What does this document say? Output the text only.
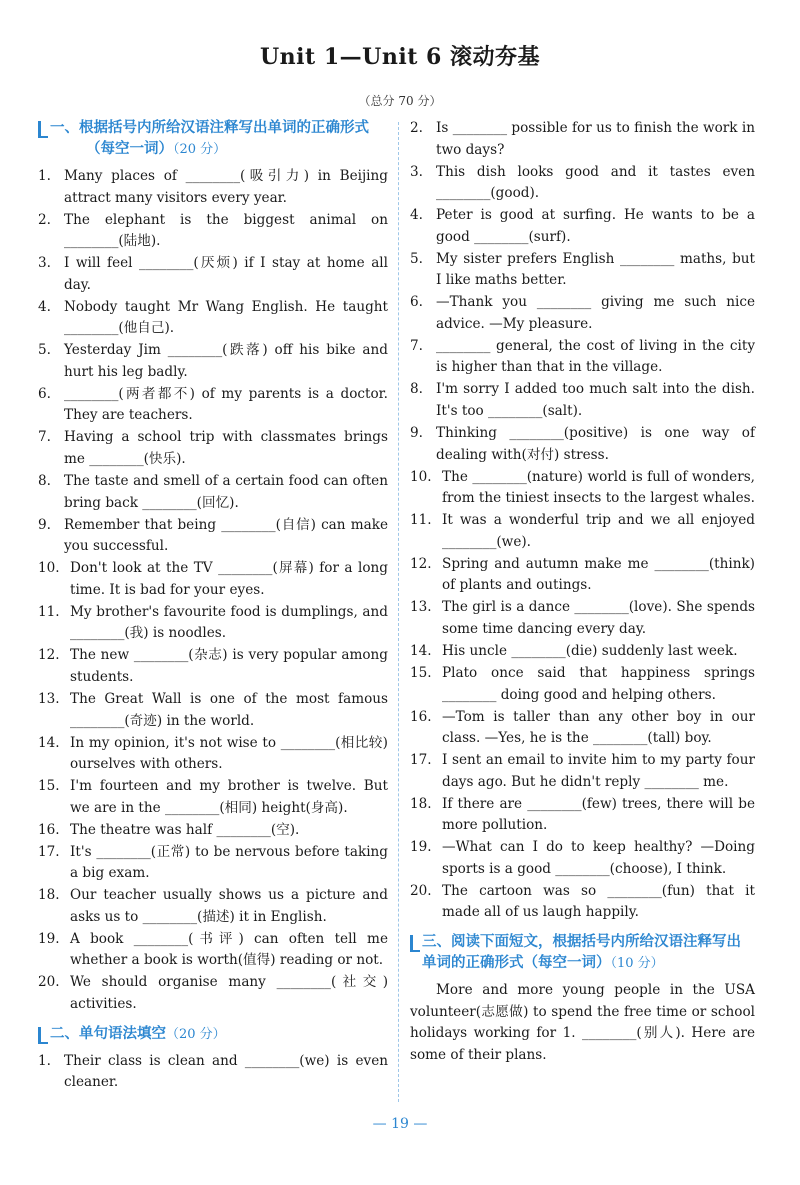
Unit 1—Unit 6 滚动夯基
（总分 70 分）
一、根据括号内所给汉语注释写出单词的正确形式
（每空一词）（20 分）
1. Many places of ________(吸引力) in Beijing attract many visitors every year.
2. The elephant is the biggest animal on ________(陆地).
3. I will feel ________(厌烦) if I stay at home all day.
4. Nobody taught Mr Wang English. He taught ________(他自己).
5. Yesterday Jim ________(跌落) off his bike and hurt his leg badly.
6. ________(两者都不) of my parents is a doctor. They are teachers.
7. Having a school trip with classmates brings me ________(快乐).
8. The taste and smell of a certain food can often bring back ________(回忆).
9. Remember that being ________(自信) can make you successful.
10. Don't look at the TV ________(屏幕) for a long time. It is bad for your eyes.
11. My brother's favourite food is dumplings, and ________(我) is noodles.
12. The new ________(杂志) is very popular among students.
13. The Great Wall is one of the most famous ________(奇迹) in the world.
14. In my opinion, it's not wise to ________(相比较) ourselves with others.
15. I'm fourteen and my brother is twelve. But we are in the ________(相同) height(身高).
16. The theatre was half ________(空).
17. It's ________(正常) to be nervous before taking a big exam.
18. Our teacher usually shows us a picture and asks us to ________(描述) it in English.
19. A book ________(书评) can often tell me whether a book is worth(值得) reading or not.
20. We should organise many ________(社交) activities.
二、单句语法填空（20 分）
1. Their class is clean and ________(we) is even cleaner.
2. Is ________ possible for us to finish the work in two days?
3. This dish looks good and it tastes even ________(good).
4. Peter is good at surfing. He wants to be a good ________(surf).
5. My sister prefers English ________ maths, but I like maths better.
6. —Thank you ________ giving me such nice advice. —My pleasure.
7. ________ general, the cost of living in the city is higher than that in the village.
8. I'm sorry I added too much salt into the dish. It's too ________(salt).
9. Thinking ________(positive) is one way of dealing with(对付) stress.
10. The ________(nature) world is full of wonders, from the tiniest insects to the largest whales.
11. It was a wonderful trip and we all enjoyed ________(we).
12. Spring and autumn make me ________(think) of plants and outings.
13. The girl is a dance ________(love). She spends some time dancing every day.
14. His uncle ________(die) suddenly last week.
15. Plato once said that happiness springs ________ doing good and helping others.
16. —Tom is taller than any other boy in our class. —Yes, he is the ________(tall) boy.
17. I sent an email to invite him to my party four days ago. But he didn't reply ________ me.
18. If there are ________(few) trees, there will be more pollution.
19. —What can I do to keep healthy? —Doing sports is a good ________(choose), I think.
20. The cartoon was so ________(fun) that it made all of us laugh happily.
三、阅读下面短文，根据括号内所给汉语注释写出
单词的正确形式（每空一词）（10 分）
More and more young people in the USA volunteer(志愿做) to spend the free time or school holidays working for 1. ________(别人). Here are some of their plans.
— 19 —
